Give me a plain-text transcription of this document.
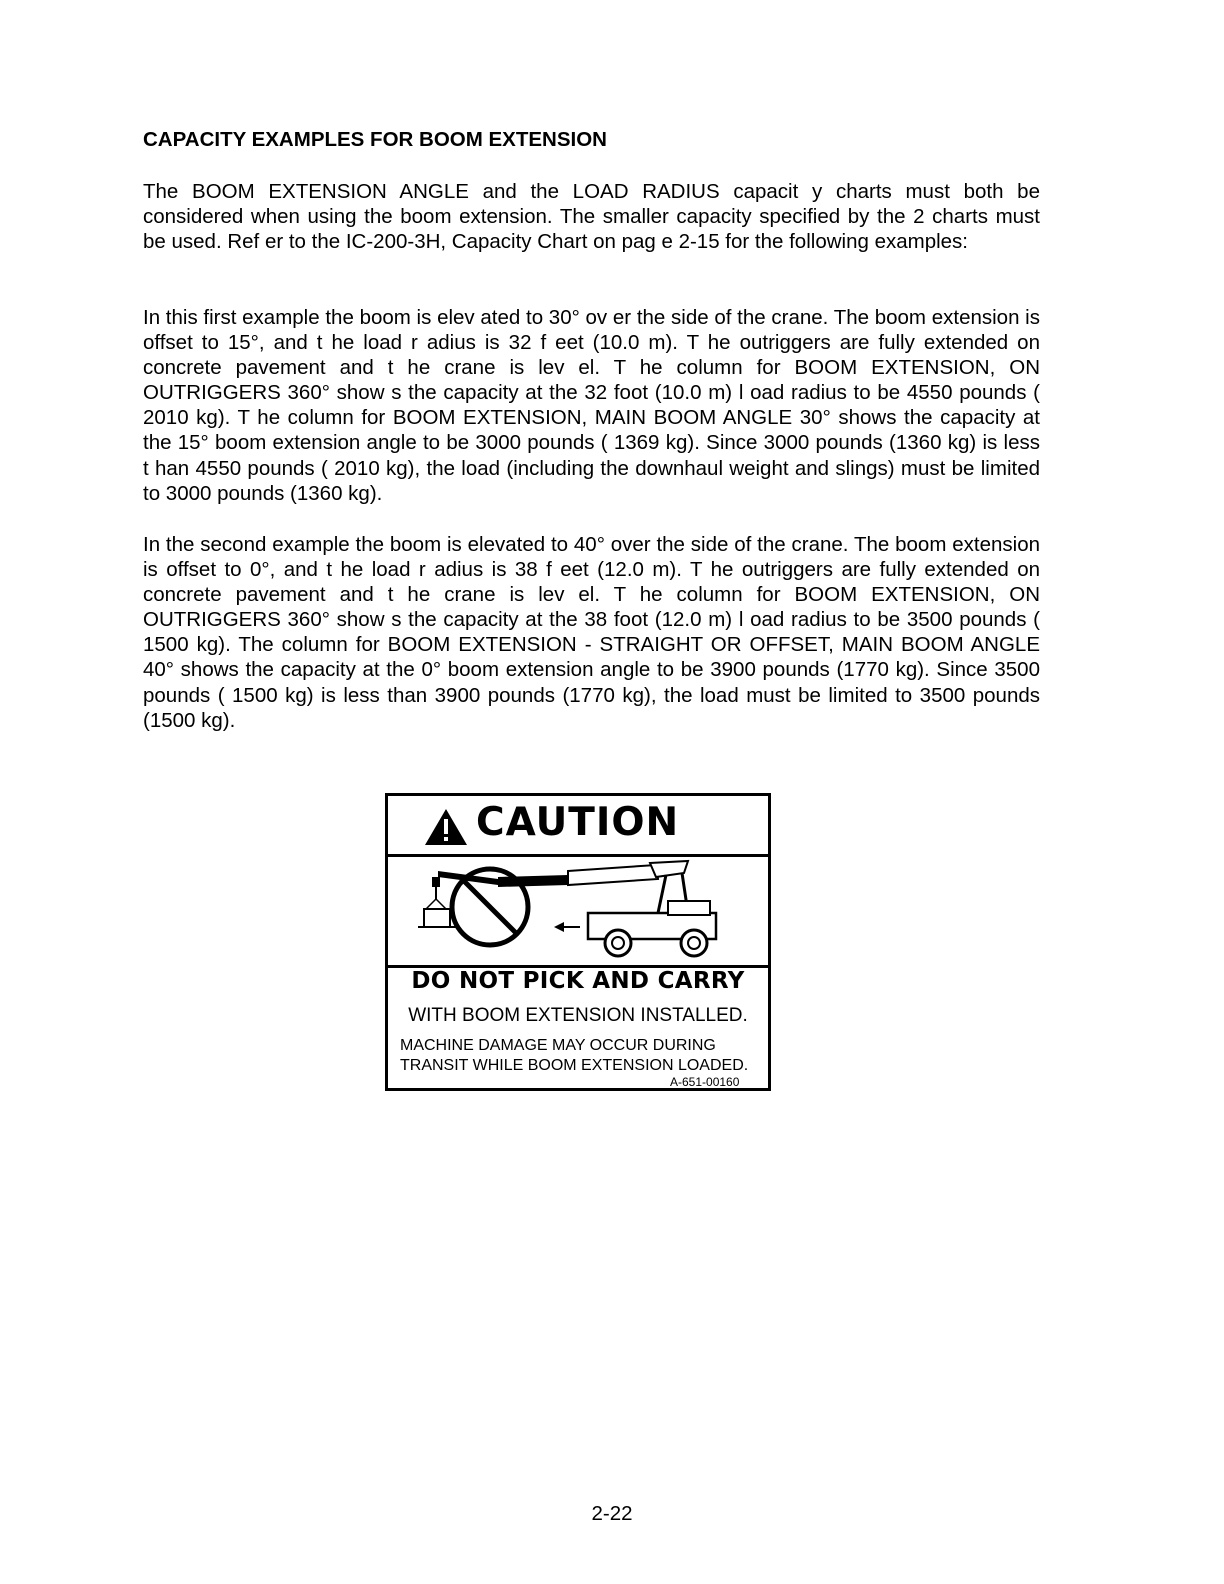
CAPACITY EXAMPLES FOR BOOM EXTENSION

The BOOM EXTENSION ANGLE and the LOAD RADIUS capacit y charts must both be considered when using the boom extension. The smaller capacity specified by the 2 charts must be used. Ref er to the IC-200-3H, Capacity Chart on pag e 2-15 for the following examples:

In this first example the boom is elev ated to 30° ov er the side of the crane. The boom extension is offset to 15°, and t he load r adius is 32 f eet (10.0 m). T he outriggers are fully extended on concrete pavement and t he crane is lev el. T he column for BOOM EXTENSION, ON OUTRIGGERS 360° show s the capacity at the 32 foot (10.0 m) l oad radius to be 4550 pounds ( 2010 kg). T he column for BOOM EXTENSION, MAIN BOOM ANGLE 30° shows the capacity at the 15° boom extension angle to be 3000 pounds ( 1369 kg). Since 3000 pounds (1360 kg) is less t han 4550 pounds ( 2010 kg), the load (including the downhaul weight and slings) must be limited to 3000 pounds (1360 kg).

In the second example the boom is elevated to 40° over the side of the crane. The boom extension is offset to 0°, and t he load r adius is 38 f eet (12.0 m). T he outriggers are fully extended on concrete pavement and t he crane is lev el. T he column for BOOM EXTENSION, ON OUTRIGGERS 360° show s the capacity at the 38 foot (12.0 m) l oad radius to be 3500 pounds ( 1500 kg). The column for BOOM EXTENSION - STRAIGHT OR OFFSET, MAIN BOOM ANGLE 40° shows the capacity at the 0° boom extension angle to be 3900 pounds (1770 kg). Since 3500 pounds ( 1500 kg) is less than 3900 pounds (1770 kg), the load must be limited to 3500 pounds (1500 kg).

CAUTION
DO NOT PICK AND CARRY
WITH BOOM EXTENSION INSTALLED.
MACHINE DAMAGE MAY OCCUR DURING
TRANSIT WHILE BOOM EXTENSION LOADED.
A-651-00160
2-22
